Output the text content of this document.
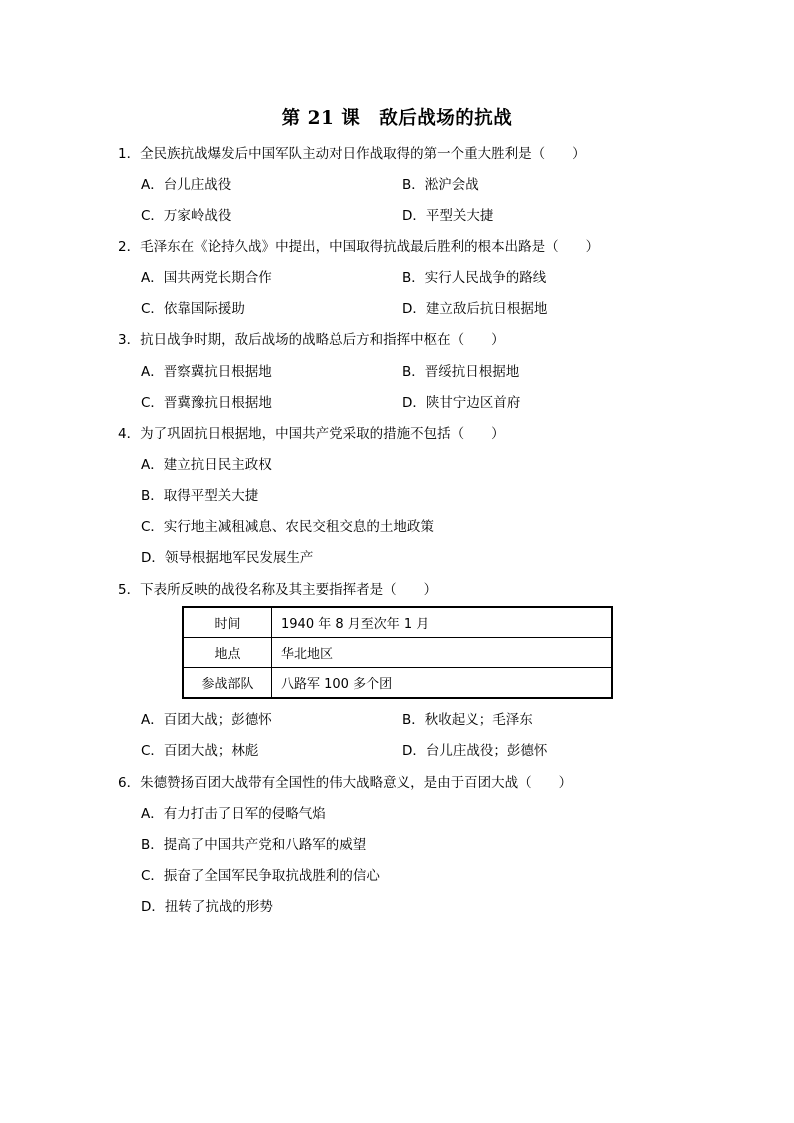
第 21 课　敌后战场的抗战
1．全民族抗战爆发后中国军队主动对日作战取得的第一个重大胜利是（　　）
A．台儿庄战役	B．淞沪会战
C．万家岭战役	D．平型关大捷
2．毛泽东在《论持久战》中提出，中国取得抗战最后胜利的根本出路是（　　）
A．国共两党长期合作	B．实行人民战争的路线
C．依靠国际援助	D．建立敌后抗日根据地
3．抗日战争时期，敌后战场的战略总后方和指挥中枢在（　　）
A．晋察冀抗日根据地	B．晋绥抗日根据地
C．晋冀豫抗日根据地	D．陕甘宁边区首府
4．为了巩固抗日根据地，中国共产党采取的措施不包括（　　）
A．建立抗日民主政权
B．取得平型关大捷
C．实行地主减租减息、农民交租交息的土地政策
D．领导根据地军民发展生产
5．下表所反映的战役名称及其主要指挥者是（　　）
时间	1940 年 8 月至次年 1 月
地点	华北地区
参战部队	八路军 100 多个团
A．百团大战；彭德怀	B．秋收起义；毛泽东
C．百团大战；林彪	D．台儿庄战役；彭德怀
6．朱德赞扬百团大战带有全国性的伟大战略意义，是由于百团大战（　　）
A．有力打击了日军的侵略气焰
B．提高了中国共产党和八路军的威望
C．振奋了全国军民争取抗战胜利的信心
D．扭转了抗战的形势
